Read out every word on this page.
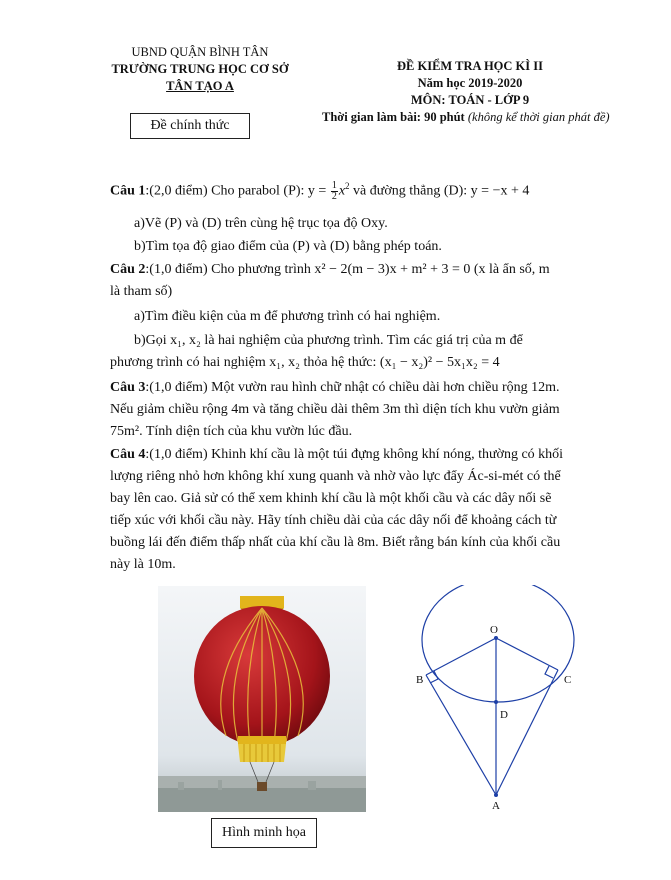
UBND QUẬN BÌNH TÂN
TRƯỜNG TRUNG HỌC CƠ SỞ
TÂN TẠO A
Đề chính thức
ĐỀ KIỂM TRA HỌC KÌ II
Năm học 2019-2020
MÔN: TOÁN - LỚP 9
Thời gian làm bài: 90 phút (không kể thời gian phát đề)
Câu 1:(2,0 điểm) Cho parabol (P): $y = \frac{1}{2} x^2$ và đường thẳng (D): y = −x + 4
a)Vẽ (P) và (D) trên cùng hệ trục tọa độ Oxy.
b)Tìm tọa độ giao điểm của (P) và (D) bằng phép toán.
Câu 2:(1,0 điểm) Cho phương trình x² − 2(m − 3)x + m² + 3 = 0 (x là ẩn số, m
là tham số)
a)Tìm điều kiện của m để phương trình có hai nghiệm.
b)Gọi x₁, x₂ là hai nghiệm của phương trình. Tìm các giá trị của m để
phương trình có hai nghiệm x₁, x₂ thỏa hệ thức: (x₁ − x₂)² − 5x₁x₂ = 4
Câu 3:(1,0 điểm) Một vườn rau hình chữ nhật có chiều dài hơn chiều rộng 12m.
Nếu giảm chiều rộng 4m và tăng chiều dài thêm 3m thì diện tích khu vườn giảm
75m². Tính diện tích của khu vườn lúc đầu.
Câu 4:(1,0 điểm) Khinh khí cầu là một túi đựng không khí nóng, thường có khối
lượng riêng nhỏ hơn không khí xung quanh và nhờ vào lực đẩy Ác-si-mét có thể
bay lên cao. Giả sử có thể xem khinh khí cầu là một khối cầu và các dây nối sẽ
tiếp xúc với khối cầu này. Hãy tính chiều dài của các dây nối để khoảng cách từ
buồng lái đến điểm thấp nhất của khí cầu là 8m. Biết rằng bán kính của khối cầu
này là 10m.
Hình minh họa
O
B	C
D
A
